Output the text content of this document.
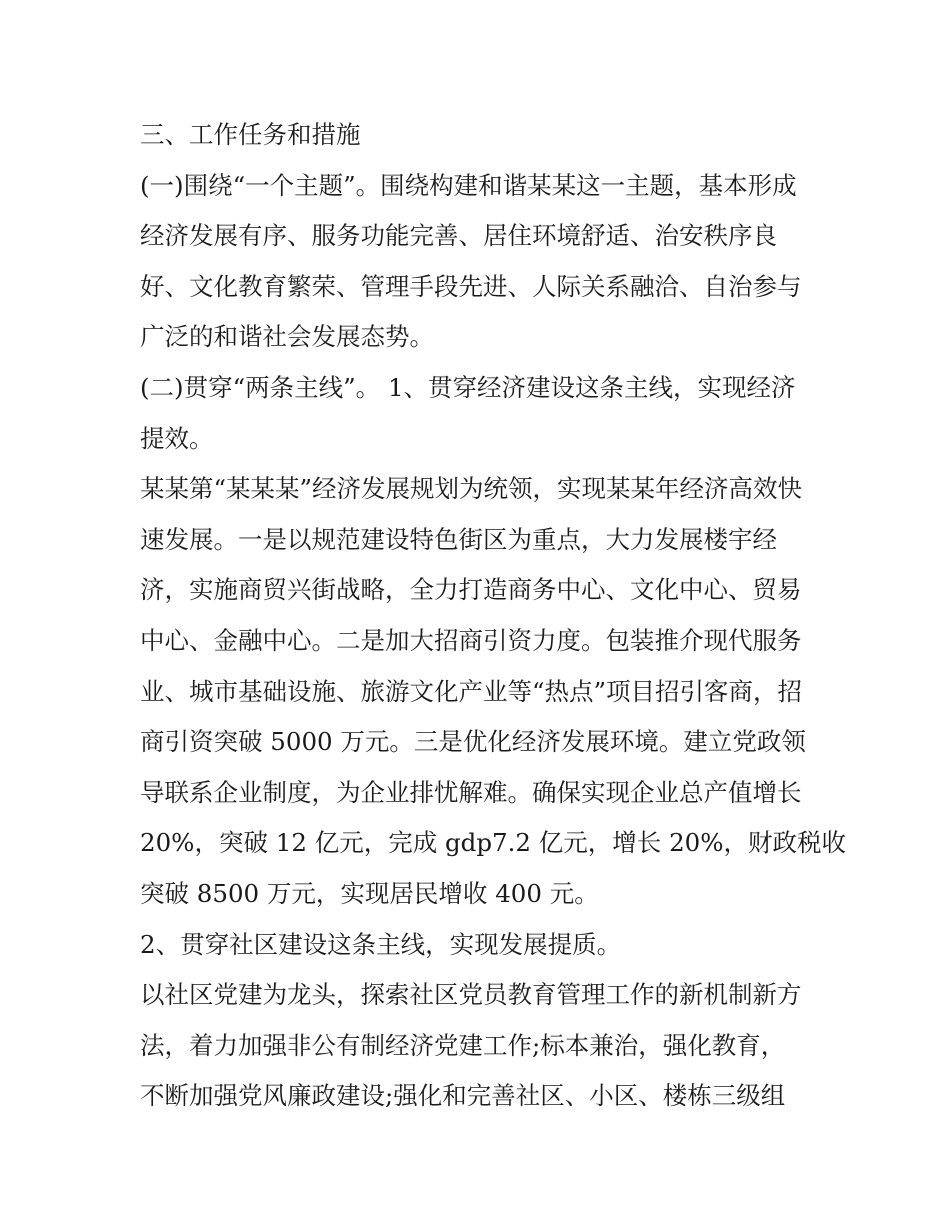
三、工作任务和措施
(一)围绕“一个主题”。围绕构建和谐某某这一主题，基本形成
经济发展有序、服务功能完善、居住环境舒适、治安秩序良
好、文化教育繁荣、管理手段先进、人际关系融洽、自治参与
广泛的和谐社会发展态势。
(二)贯穿“两条主线”。 1、贯穿经济建设这条主线，实现经济
提效。
某某第“某某某”经济发展规划为统领，实现某某年经济高效快
速发展。一是以规范建设特色街区为重点，大力发展楼宇经
济，实施商贸兴街战略，全力打造商务中心、文化中心、贸易
中心、金融中心。二是加大招商引资力度。包装推介现代服务
业、城市基础设施、旅游文化产业等“热点”项目招引客商，招
商引资突破 5000 万元。三是优化经济发展环境。建立党政领
导联系企业制度，为企业排忧解难。确保实现企业总产值增长
20%，突破 12 亿元，完成 gdp7.2 亿元，增长 20%，财政税收
突破 8500 万元，实现居民增收 400 元。
2、贯穿社区建设这条主线，实现发展提质。
以社区党建为龙头，探索社区党员教育管理工作的新机制新方
法，着力加强非公有制经济党建工作;标本兼治，强化教育，
不断加强党风廉政建设;强化和完善社区、小区、楼栋三级组
